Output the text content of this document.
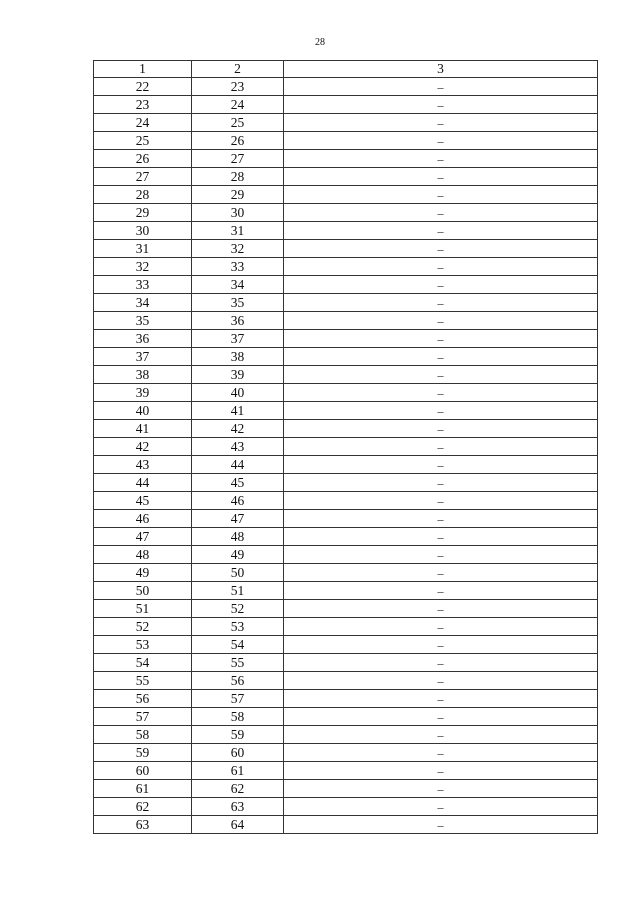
28
1	2	3
22	23	–
23	24	–
24	25	–
25	26	–
26	27	–
27	28	–
28	29	–
29	30	–
30	31	–
31	32	–
32	33	–
33	34	–
34	35	–
35	36	–
36	37	–
37	38	–
38	39	–
39	40	–
40	41	–
41	42	–
42	43	–
43	44	–
44	45	–
45	46	–
46	47	–
47	48	–
48	49	–
49	50	–
50	51	–
51	52	–
52	53	–
53	54	–
54	55	–
55	56	–
56	57	–
57	58	–
58	59	–
59	60	–
60	61	–
61	62	–
62	63	–
63	64	–
